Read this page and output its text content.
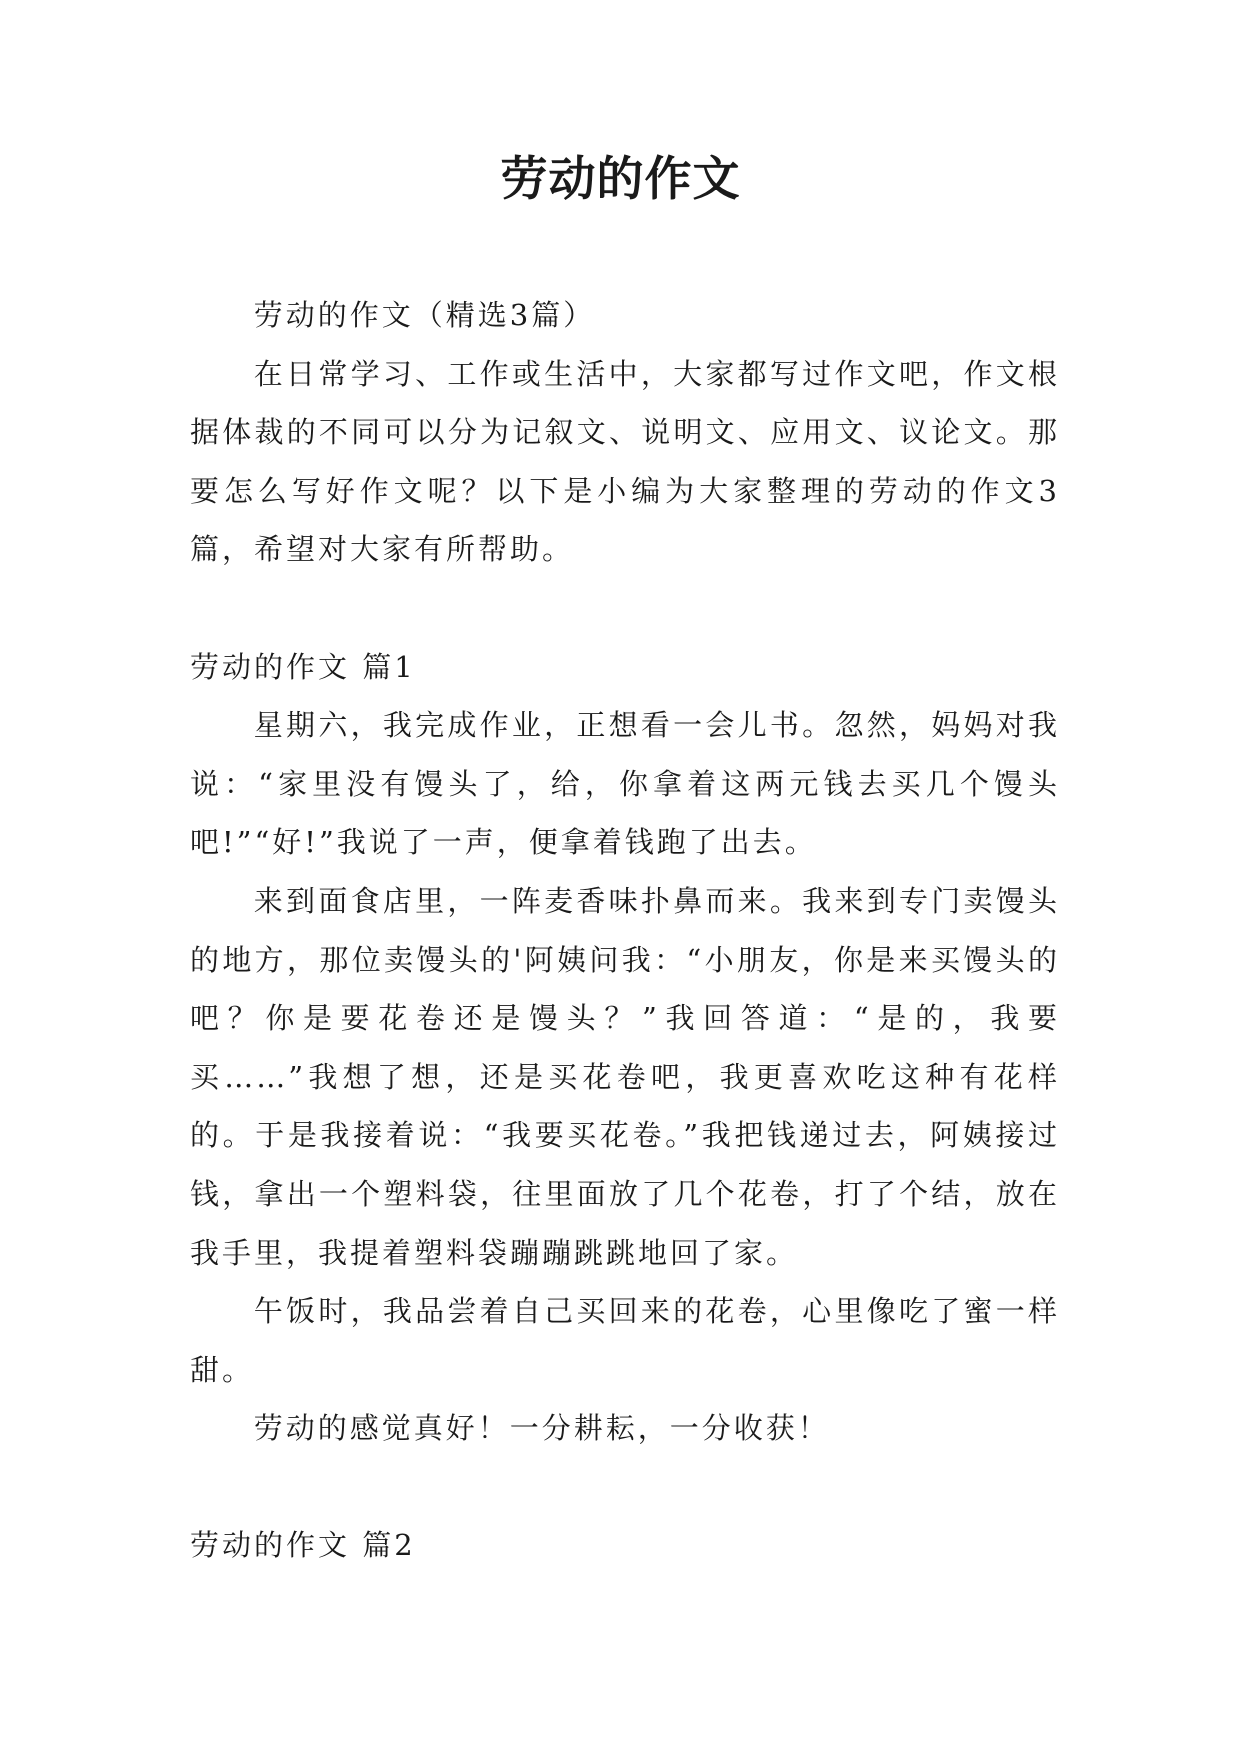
劳动的作文

劳动的作文（精选3篇）

在日常学习、工作或生活中，大家都写过作文吧，作文根据体裁的不同可以分为记叙文、说明文、应用文、议论文。那要怎么写好作文呢？以下是小编为大家整理的劳动的作文3篇，希望对大家有所帮助。

劳动的作文 篇1

星期六，我完成作业，正想看一会儿书。忽然，妈妈对我说：“家里没有馒头了，给，你拿着这两元钱去买几个馒头吧!”“好!”我说了一声，便拿着钱跑了出去。

来到面食店里，一阵麦香味扑鼻而来。我来到专门卖馒头的地方，那位卖馒头的'阿姨问我：“小朋友，你是来买馒头的吧？你是要花卷还是馒头？”我回答道：“是的，我要买……”我想了想，还是买花卷吧，我更喜欢吃这种有花样的。于是我接着说：“我要买花卷。”我把钱递过去，阿姨接过钱，拿出一个塑料袋，往里面放了几个花卷，打了个结，放在我手里，我提着塑料袋蹦蹦跳跳地回了家。

午饭时，我品尝着自己买回来的花卷，心里像吃了蜜一样甜。

劳动的感觉真好！一分耕耘，一分收获！

劳动的作文 篇2
